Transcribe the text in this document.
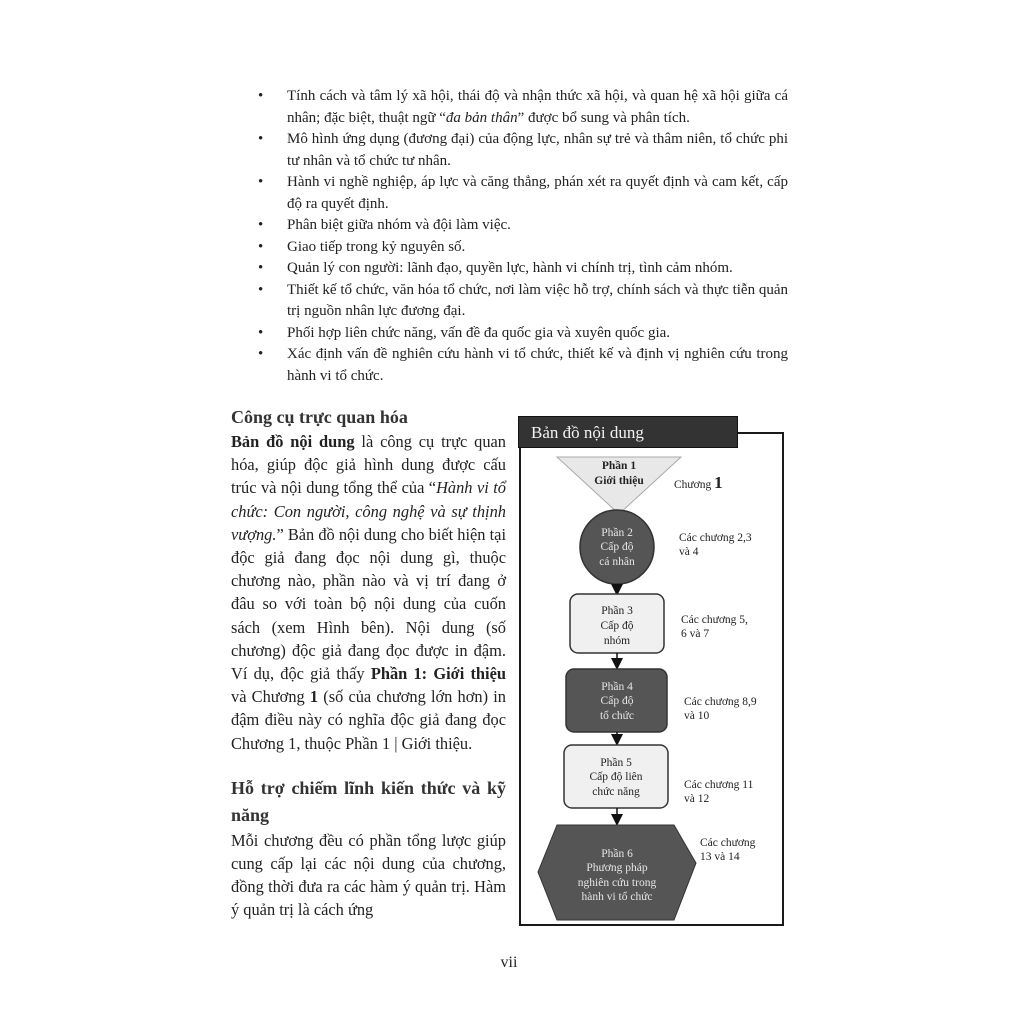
• Tính cách và tâm lý xã hội, thái độ và nhận thức xã hội, và quan hệ xã hội giữa cá nhân; đặc biệt, thuật ngữ “đa bản thân” được bổ sung và phân tích.
• Mô hình ứng dụng (đương đại) của động lực, nhân sự trẻ và thâm niên, tổ chức phi tư nhân và tổ chức tư nhân.
• Hành vi nghề nghiệp, áp lực và căng thẳng, phán xét ra quyết định và cam kết, cấp độ ra quyết định.
• Phân biệt giữa nhóm và đội làm việc.
• Giao tiếp trong kỷ nguyên số.
• Quản lý con người: lãnh đạo, quyền lực, hành vi chính trị, tình cảm nhóm.
• Thiết kế tổ chức, văn hóa tổ chức, nơi làm việc hỗ trợ, chính sách và thực tiễn quản trị nguồn nhân lực đương đại.
• Phối hợp liên chức năng, vấn đề đa quốc gia và xuyên quốc gia.
• Xác định vấn đề nghiên cứu hành vi tổ chức, thiết kế và định vị nghiên cứu trong hành vi tổ chức.
Công cụ trực quan hóa

Bản đồ nội dung là công cụ trực quan hóa, giúp độc giả hình dung được cấu trúc và nội dung tổng thể của “Hành vi tổ chức: Con người, công nghệ và sự thịnh vượng.” Bản đồ nội dung cho biết hiện tại độc giả đang đọc nội dung gì, thuộc chương nào, phần nào và vị trí đang ở đâu so với toàn bộ nội dung của cuốn sách (xem Hình bên). Nội dung (số chương) độc giả đang đọc được in đậm. Ví dụ, độc giả thấy Phần 1: Giới thiệu và Chương 1 (số của chương lớn hơn) in đậm điều này có nghĩa độc giả đang đọc Chương 1, thuộc Phần 1 | Giới thiệu.

Hỗ trợ chiếm lĩnh kiến thức và kỹ năng

Mỗi chương đều có phần tổng lược giúp cung cấp lại các nội dung của chương, đồng thời đưa ra các hàm ý quản trị. Hàm ý quản trị là cách ứng

Bản đồ nội dung
Phần 1
Giới thiệu
Phần 2
Cấp độ
cá nhân
Phần 3
Cấp độ
nhóm
Phần 4
Cấp độ
tổ chức
Phần 5
Cấp độ liên
chức năng
Phần 6
Phương pháp
nghiên cứu trong
hành vi tổ chức
Chương 1
Các chương 2,3
và 4
Các chương 5,
6 và 7
Các chương 8,9
và 10
Các chương 11
và 12
Các chương
13 và 14
vii
